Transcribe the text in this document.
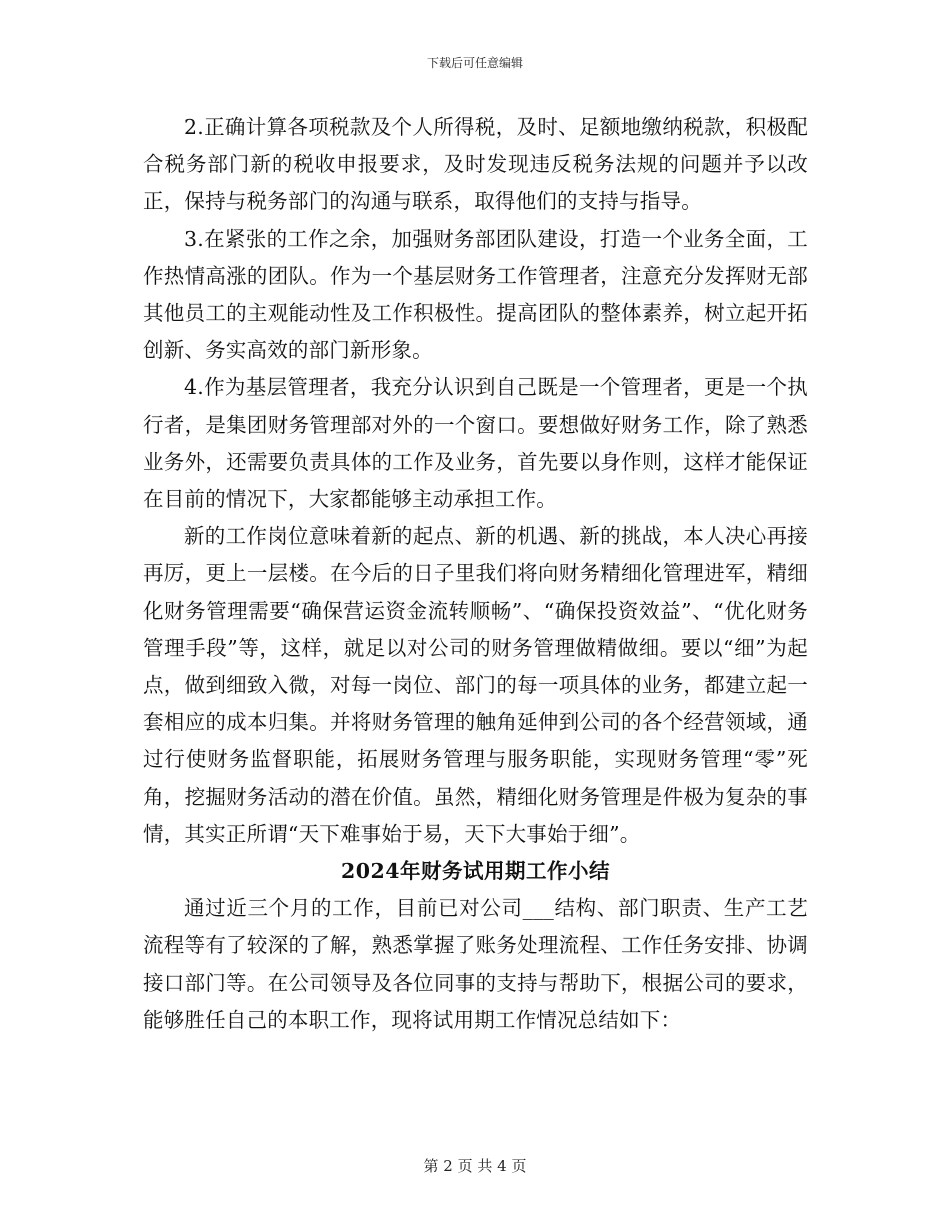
下载后可任意编辑

2.正确计算各项税款及个人所得税，及时、足额地缴纳税款，积极配合税务部门新的税收申报要求，及时发现违反税务法规的问题并予以改正，保持与税务部门的沟通与联系，取得他们的支持与指导。

3.在紧张的工作之余，加强财务部团队建设，打造一个业务全面，工作热情高涨的团队。作为一个基层财务工作管理者，注意充分发挥财无部其他员工的主观能动性及工作积极性。提高团队的整体素养，树立起开拓创新、务实高效的部门新形象。

4.作为基层管理者，我充分认识到自己既是一个管理者，更是一个执行者，是集团财务管理部对外的一个窗口。要想做好财务工作，除了熟悉业务外，还需要负责具体的工作及业务，首先要以身作则，这样才能保证在目前的情况下，大家都能够主动承担工作。

新的工作岗位意味着新的起点、新的机遇、新的挑战，本人决心再接再厉，更上一层楼。在今后的日子里我们将向财务精细化管理进军，精细化财务管理需要“确保营运资金流转顺畅”、“确保投资效益”、“优化财务管理手段”等，这样，就足以对公司的财务管理做精做细。要以“细”为起点，做到细致入微，对每一岗位、部门的每一项具体的业务，都建立起一套相应的成本归集。并将财务管理的触角延伸到公司的各个经营领域，通过行使财务监督职能，拓展财务管理与服务职能，实现财务管理“零”死角，挖掘财务活动的潜在价值。虽然，精细化财务管理是件极为复杂的事情，其实正所谓“天下难事始于易，天下大事始于细”。

2024年财务试用期工作小结

通过近三个月的工作，目前已对公司___结构、部门职责、生产工艺流程等有了较深的了解，熟悉掌握了账务处理流程、工作任务安排、协调接口部门等。在公司领导及各位同事的支持与帮助下，根据公司的要求，能够胜任自己的本职工作，现将试用期工作情况总结如下：

第 2 页 共 4 页
